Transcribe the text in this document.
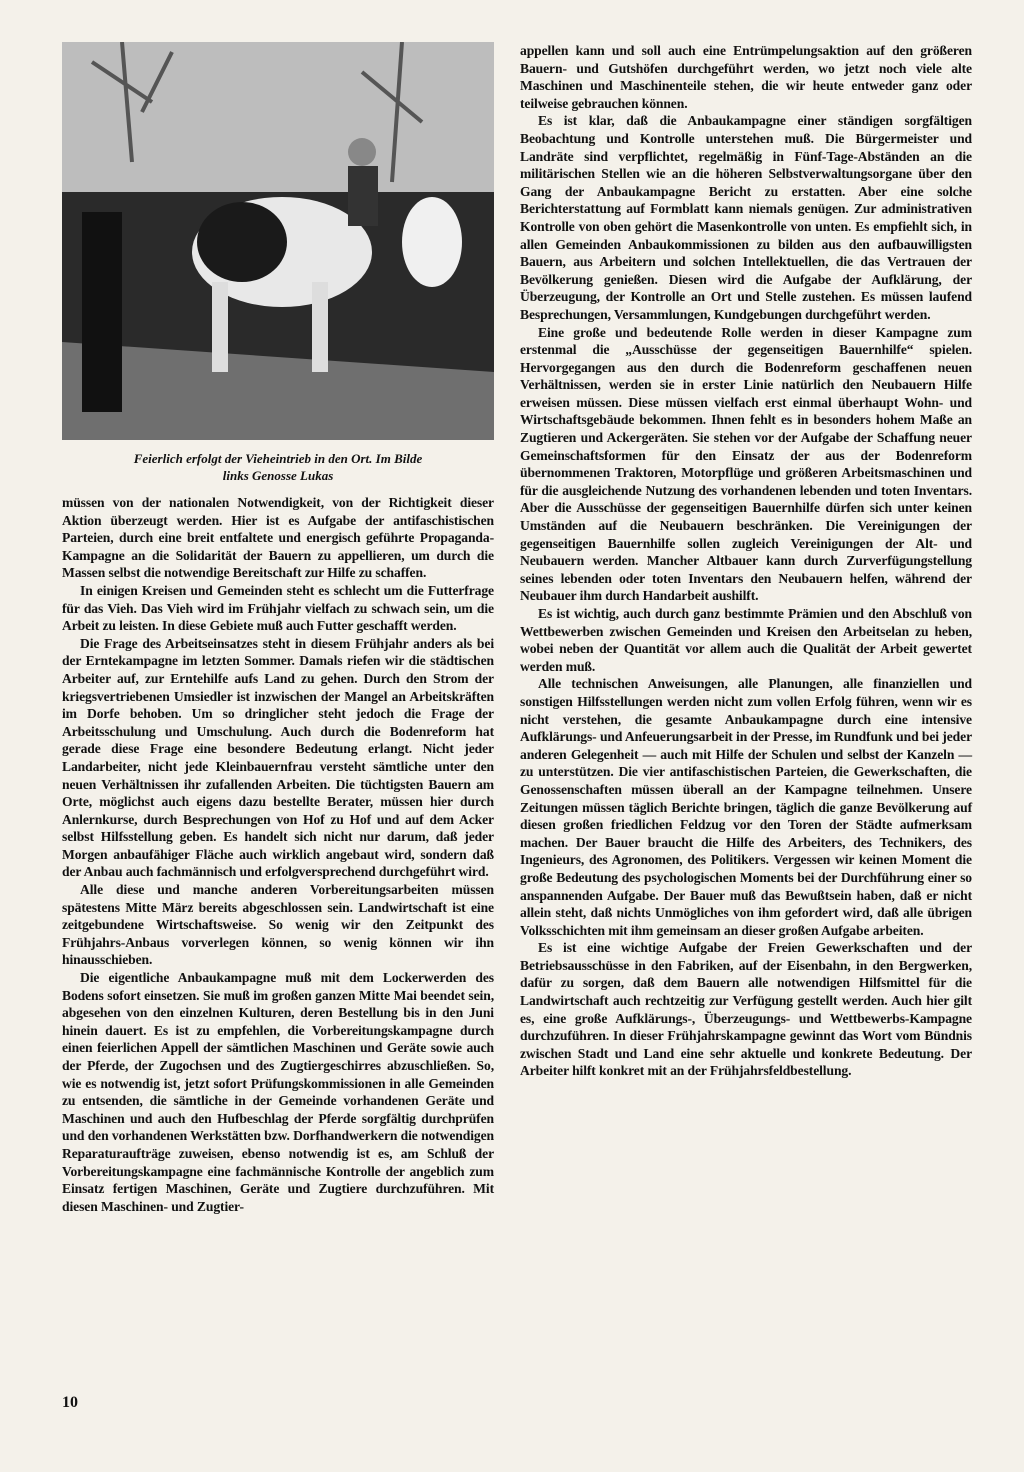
Feierlich erfolgt der Vieheintrieb in den Ort. Im Bilde
links Genosse Lukas

müssen von der nationalen Notwendigkeit, von der Richtigkeit dieser Aktion überzeugt werden. Hier ist es Aufgabe der antifaschistischen Parteien, durch eine breit entfaltete und energisch geführte Propaganda-Kampagne an die Solidarität der Bauern zu appellieren, um durch die Massen selbst die notwendige Bereitschaft zur Hilfe zu schaffen.

In einigen Kreisen und Gemeinden steht es schlecht um die Futterfrage für das Vieh. Das Vieh wird im Frühjahr vielfach zu schwach sein, um die Arbeit zu leisten. In diese Gebiete muß auch Futter geschafft werden.

Die Frage des Arbeitseinsatzes steht in diesem Frühjahr anders als bei der Erntekampagne im letzten Sommer. Damals riefen wir die städtischen Arbeiter auf, zur Erntehilfe aufs Land zu gehen. Durch den Strom der kriegsvertriebenen Umsiedler ist inzwischen der Mangel an Arbeitskräften im Dorfe behoben. Um so dringlicher steht jedoch die Frage der Arbeitsschulung und Umschulung. Auch durch die Bodenreform hat gerade diese Frage eine besondere Bedeutung erlangt. Nicht jeder Landarbeiter, nicht jede Kleinbauernfrau versteht sämtliche unter den neuen Verhältnissen ihr zufallenden Arbeiten. Die tüchtigsten Bauern am Orte, möglichst auch eigens dazu bestellte Berater, müssen hier durch Anlernkurse, durch Besprechungen von Hof zu Hof und auf dem Acker selbst Hilfsstellung geben. Es handelt sich nicht nur darum, daß jeder Morgen anbaufähiger Fläche auch wirklich angebaut wird, sondern daß der Anbau auch fachmännisch und erfolgversprechend durchgeführt wird.

Alle diese und manche anderen Vorbereitungsarbeiten müssen spätestens Mitte März bereits abgeschlossen sein. Landwirtschaft ist eine zeitgebundene Wirtschaftsweise. So wenig wir den Zeitpunkt des Frühjahrs-Anbaus vorverlegen können, so wenig können wir ihn hinausschieben.

Die eigentliche Anbaukampagne muß mit dem Lockerwerden des Bodens sofort einsetzen. Sie muß im großen ganzen Mitte Mai beendet sein, abgesehen von den einzelnen Kulturen, deren Bestellung bis in den Juni hinein dauert. Es ist zu empfehlen, die Vorbereitungskampagne durch einen feierlichen Appell der sämtlichen Maschinen und Geräte sowie auch der Pferde, der Zugochsen und des Zugtiergeschirres abzuschließen. So, wie es notwendig ist, jetzt sofort Prüfungskommissionen in alle Gemeinden zu entsenden, die sämtliche in der Gemeinde vorhandenen Geräte und Maschinen und auch den Hufbeschlag der Pferde sorgfältig durchprüfen und den vorhandenen Werkstätten bzw. Dorfhandwerkern die notwendigen Reparaturaufträge zuweisen, ebenso notwendig ist es, am Schluß der Vorbereitungskampagne eine fachmännische Kontrolle der angeblich zum Einsatz fertigen Maschinen, Geräte und Zugtiere durchzuführen. Mit diesen Maschinen- und Zugtier-

appellen kann und soll auch eine Entrümpelungsaktion auf den größeren Bauern- und Gutshöfen durchgeführt werden, wo jetzt noch viele alte Maschinen und Maschinenteile stehen, die wir heute entweder ganz oder teilweise gebrauchen können.

Es ist klar, daß die Anbaukampagne einer ständigen sorgfältigen Beobachtung und Kontrolle unterstehen muß. Die Bürgermeister und Landräte sind verpflichtet, regelmäßig in Fünf-Tage-Abständen an die militärischen Stellen wie an die höheren Selbstverwaltungsorgane über den Gang der Anbaukampagne Bericht zu erstatten. Aber eine solche Berichterstattung auf Formblatt kann niemals genügen. Zur administrativen Kontrolle von oben gehört die Masenkontrolle von unten. Es empfiehlt sich, in allen Gemeinden Anbaukommissionen zu bilden aus den aufbauwilligsten Bauern, aus Arbeitern und solchen Intellektuellen, die das Vertrauen der Bevölkerung genießen. Diesen wird die Aufgabe der Aufklärung, der Überzeugung, der Kontrolle an Ort und Stelle zustehen. Es müssen laufend Besprechungen, Versammlungen, Kundgebungen durchgeführt werden.

Eine große und bedeutende Rolle werden in dieser Kampagne zum erstenmal die „Ausschüsse der gegenseitigen Bauernhilfe“ spielen. Hervorgegangen aus den durch die Bodenreform geschaffenen neuen Verhältnissen, werden sie in erster Linie natürlich den Neubauern Hilfe erweisen müssen. Diese müssen vielfach erst einmal überhaupt Wohn- und Wirtschaftsgebäude bekommen. Ihnen fehlt es in besonders hohem Maße an Zugtieren und Ackergeräten. Sie stehen vor der Aufgabe der Schaffung neuer Gemeinschaftsformen für den Einsatz der aus der Bodenreform übernommenen Traktoren, Motorpflüge und größeren Arbeitsmaschinen und für die ausgleichende Nutzung des vorhandenen lebenden und toten Inventars. Aber die Ausschüsse der gegenseitigen Bauernhilfe dürfen sich unter keinen Umständen auf die Neubauern beschränken. Die Vereinigungen der gegenseitigen Bauernhilfe sollen zugleich Vereinigungen der Alt- und Neubauern werden. Mancher Altbauer kann durch Zurverfügungstellung seines lebenden oder toten Inventars den Neubauern helfen, während der Neubauer ihm durch Handarbeit aushilft.

Es ist wichtig, auch durch ganz bestimmte Prämien und den Abschluß von Wettbewerben zwischen Gemeinden und Kreisen den Arbeitselan zu heben, wobei neben der Quantität vor allem auch die Qualität der Arbeit gewertet werden muß.

Alle technischen Anweisungen, alle Planungen, alle finanziellen und sonstigen Hilfsstellungen werden nicht zum vollen Erfolg führen, wenn wir es nicht verstehen, die gesamte Anbaukampagne durch eine intensive Aufklärungs- und Anfeuerungsarbeit in der Presse, im Rundfunk und bei jeder anderen Gelegenheit — auch mit Hilfe der Schulen und selbst der Kanzeln — zu unterstützen. Die vier antifaschistischen Parteien, die Gewerkschaften, die Genossenschaften müssen überall an der Kampagne teilnehmen. Unsere Zeitungen müssen täglich Berichte bringen, täglich die ganze Bevölkerung auf diesen großen friedlichen Feldzug vor den Toren der Städte aufmerksam machen. Der Bauer braucht die Hilfe des Arbeiters, des Technikers, des Ingenieurs, des Agronomen, des Politikers. Vergessen wir keinen Moment die große Bedeutung des psychologischen Moments bei der Durchführung einer so anspannenden Aufgabe. Der Bauer muß das Bewußtsein haben, daß er nicht allein steht, daß nichts Unmögliches von ihm gefordert wird, daß alle übrigen Volksschichten mit ihm gemeinsam an dieser großen Aufgabe arbeiten.

Es ist eine wichtige Aufgabe der Freien Gewerkschaften und der Betriebsausschüsse in den Fabriken, auf der Eisenbahn, in den Bergwerken, dafür zu sorgen, daß dem Bauern alle notwendigen Hilfsmittel für die Landwirtschaft auch rechtzeitig zur Verfügung gestellt werden. Auch hier gilt es, eine große Aufklärungs-, Überzeugungs- und Wettbewerbs-Kampagne durchzuführen. In dieser Frühjahrskampagne gewinnt das Wort vom Bündnis zwischen Stadt und Land eine sehr aktuelle und konkrete Bedeutung. Der Arbeiter hilft konkret mit an der Frühjahrsfeldbestellung.

10
